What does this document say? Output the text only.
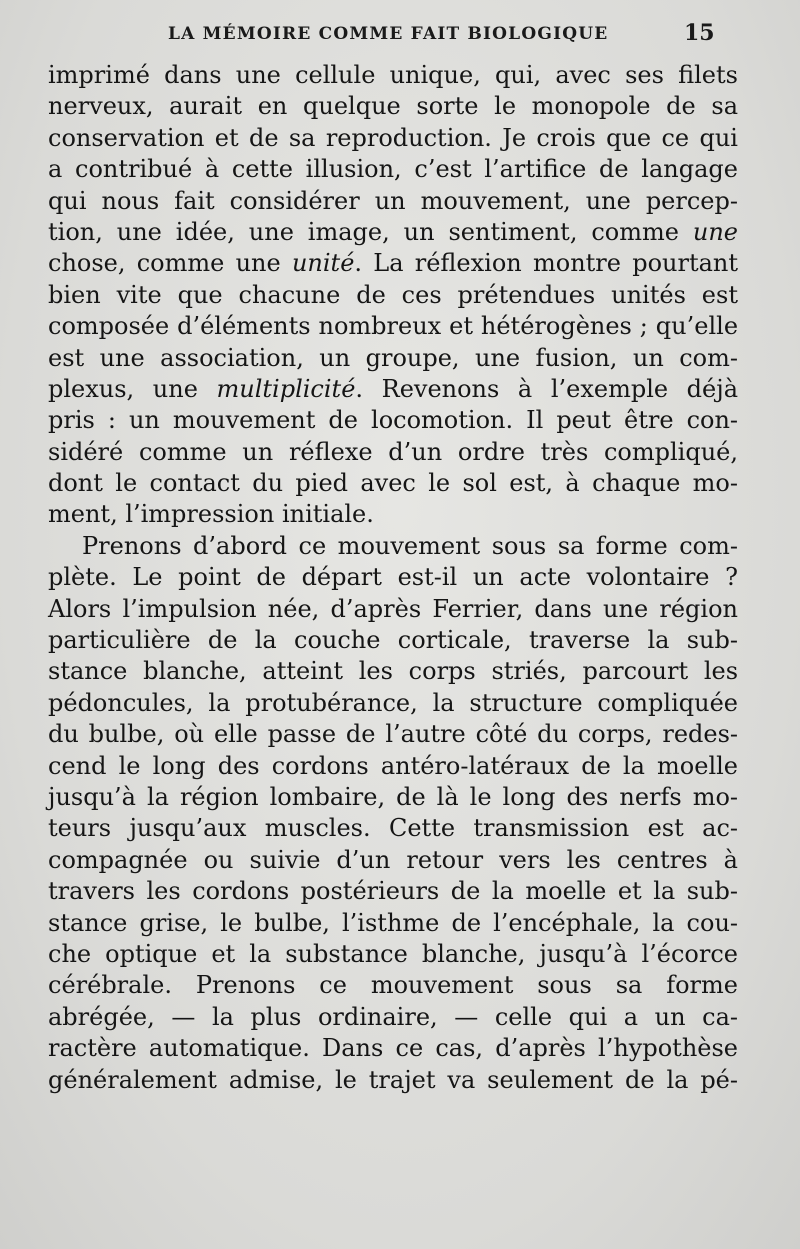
LA MÉMOIRE COMME FAIT BIOLOGIQUE	15
imprimé dans une cellule unique, qui, avec ses filets
nerveux, aurait en quelque sorte le monopole de sa
conservation et de sa reproduction. Je crois que ce qui
a contribué à cette illusion, c’est l’artifice de langage
qui nous fait considérer un mouvement, une percep-
tion, une idée, une image, un sentiment, comme une
chose, comme une unité. La réflexion montre pourtant
bien vite que chacune de ces prétendues unités est
composée d’éléments nombreux et hétérogènes ; qu’elle
est une association, un groupe, une fusion, un com-
plexus, une multiplicité. Revenons à l’exemple déjà
pris : un mouvement de locomotion. Il peut être con-
sidéré comme un réflexe d’un ordre très compliqué,
dont le contact du pied avec le sol est, à chaque mo-
ment, l’impression initiale.
Prenons d’abord ce mouvement sous sa forme com-
plète. Le point de départ est-il un acte volontaire ?
Alors l’impulsion née, d’après Ferrier, dans une région
particulière de la couche corticale, traverse la sub-
stance blanche, atteint les corps striés, parcourt les
pédoncules, la protubérance, la structure compliquée
du bulbe, où elle passe de l’autre côté du corps, redes-
cend le long des cordons antéro-latéraux de la moelle
jusqu’à la région lombaire, de là le long des nerfs mo-
teurs jusqu’aux muscles. Cette transmission est ac-
compagnée ou suivie d’un retour vers les centres à
travers les cordons postérieurs de la moelle et la sub-
stance grise, le bulbe, l’isthme de l’encéphale, la cou-
che optique et la substance blanche, jusqu’à l’écorce
cérébrale. Prenons ce mouvement sous sa forme
abrégée, — la plus ordinaire, — celle qui a un ca-
ractère automatique. Dans ce cas, d’après l’hypothèse
généralement admise, le trajet va seulement de la pé-
